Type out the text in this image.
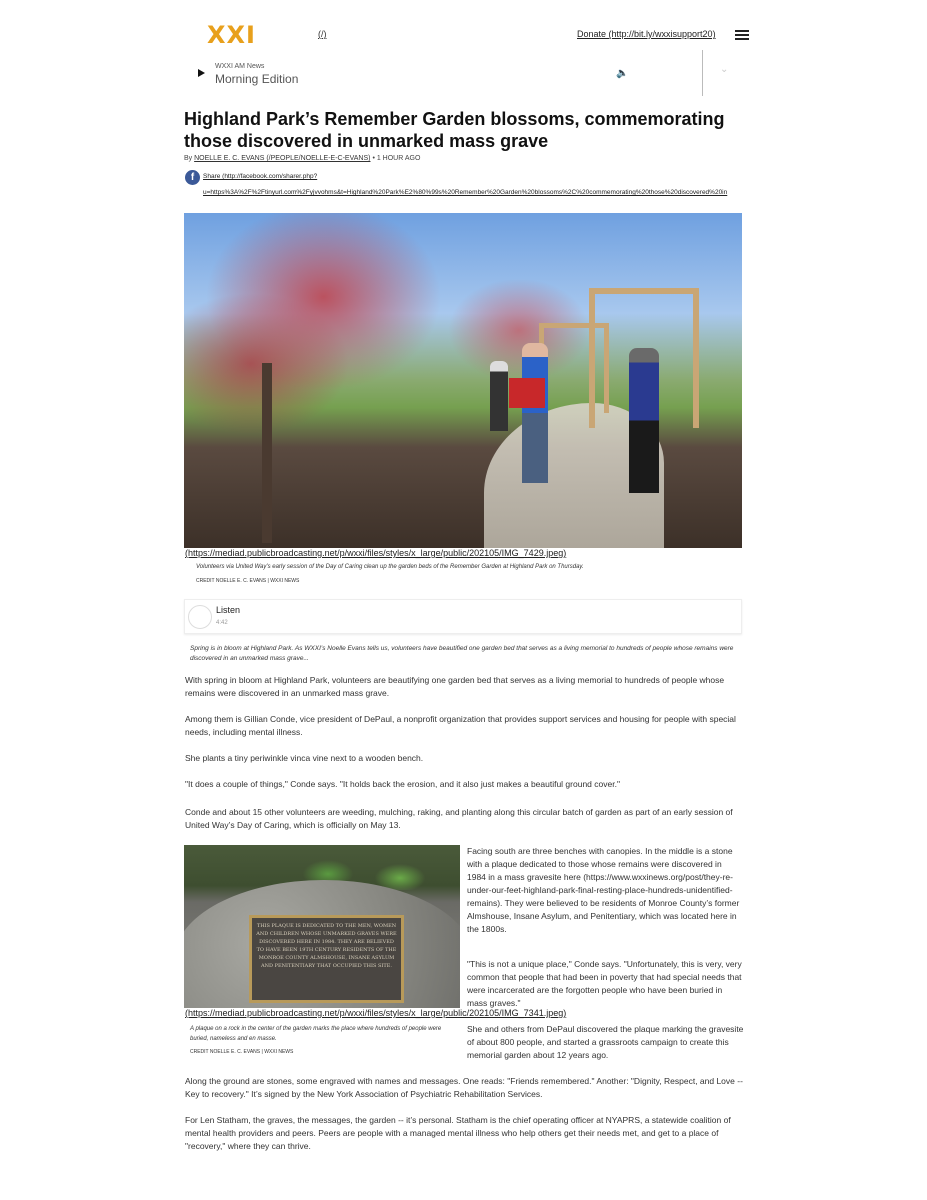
XXI	(/)	Donate (http://bit.ly/wxxisupport20)
WXXI AM News
Morning Edition	🔈	⌄
Highland Park’s Remember Garden blossoms, commemorating those discovered in unmarked mass grave
By NOELLE E. C. EVANS (/PEOPLE/NOELLE-E-C-EVANS) • 1 HOUR AGO
f	Share (http://facebook.com/sharer.php?
u=https%3A%2F%2Ftinyurl.com%2Fyjvvohms&t=Highland%20Park%E2%80%99s%20Remember%20Garden%20blossoms%2C%20commemorating%20those%20discovered%20in
(https://mediad.publicbroadcasting.net/p/wxxi/files/styles/x_large/public/202105/IMG_7429.jpeg)
Volunteers via United Way’s early session of the Day of Caring clean up the garden beds of the Remember Garden at Highland Park on Thursday.
CREDIT NOELLE E. C. EVANS | WXXI NEWS
Listen
4:42
Spring is in bloom at Highland Park. As WXXI’s Noelle Evans tells us, volunteers have beautified one garden bed that serves as a living memorial to hundreds of people whose remains were discovered in an unmarked mass grave...

With spring in bloom at Highland Park, volunteers are beautifying one garden bed that serves as a living memorial to hundreds of people whose remains were discovered in an unmarked mass grave.

Among them is Gillian Conde, vice president of DePaul, a nonprofit organization that provides support services and housing for people with special needs, including mental illness.

She plants a tiny periwinkle vinca vine next to a wooden bench.

"It does a couple of things," Conde says. "It holds back the erosion, and it also just makes a beautiful ground cover."

Conde and about 15 other volunteers are weeding, mulching, raking, and planting along this circular batch of garden as part of an early session of United Way’s Day of Caring, which is officially on May 13.

THIS PLAQUE IS DEDICATED TO THE MEN, WOMEN AND CHILDREN WHOSE UNMARKED GRAVES WERE DISCOVERED HERE IN 1984. THEY ARE BELIEVED TO HAVE BEEN 19TH CENTURY RESIDENTS OF THE MONROE COUNTY ALMSHOUSE, INSANE ASYLUM AND PENITENTIARY THAT OCCUPIED THIS SITE.
(https://mediad.publicbroadcasting.net/p/wxxi/files/styles/x_large/public/202105/IMG_7341.jpeg)
A plaque on a rock in the center of the garden marks the place where hundreds of people were buried, nameless and en masse.
CREDIT NOELLE E. C. EVANS | WXXI NEWS

Facing south are three benches with canopies. In the middle is a stone with a plaque dedicated to those whose remains were discovered in 1984 in a mass gravesite here (https://www.wxxinews.org/post/they-re-under-our-feet-highland-park-final-resting-place-hundreds-unidentified-remains). They were believed to be residents of Monroe County’s former Almshouse, Insane Asylum, and Penitentiary, which was located here in the 1800s.

"This is not a unique place," Conde says. "Unfortunately, this is very, very common that people that had been in poverty that had special needs that were incarcerated are the forgotten people who have been buried in mass graves."

She and others from DePaul discovered the plaque marking the gravesite of about 800 people, and started a grassroots campaign to create this memorial garden about 12 years ago.

Along the ground are stones, some engraved with names and messages. One reads: "Friends remembered." Another: "Dignity, Respect, and Love -- Key to recovery." It’s signed by the New York Association of Psychiatric Rehabilitation Services.

For Len Statham, the graves, the messages, the garden -- it’s personal. Statham is the chief operating officer at NYAPRS, a statewide coalition of mental health providers and peers. Peers are people with a managed mental illness who help others get their needs met, and get to a place of "recovery," where they can thrive.
